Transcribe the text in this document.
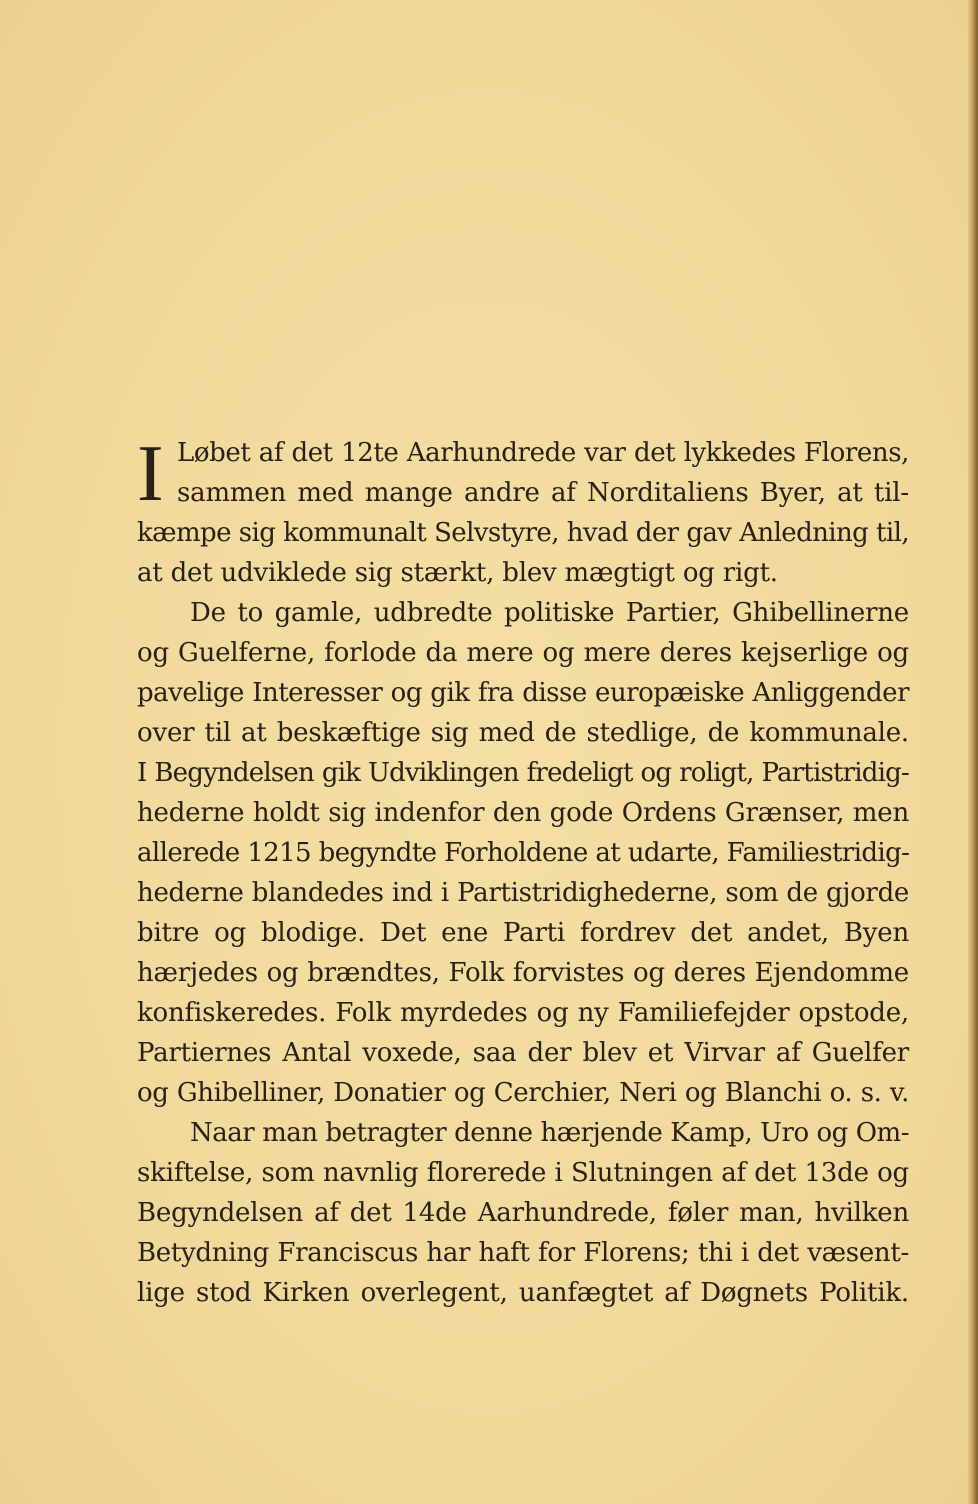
I Løbet af det 12te Aarhundrede var det lykkedes Florens,
sammen med mange andre af Norditaliens Byer, at til-
kæmpe sig kommunalt Selvstyre, hvad der gav Anledning til,
at det udviklede sig stærkt, blev mægtigt og rigt.
De to gamle, udbredte politiske Partier, Ghibellinerne
og Guelferne, forlode da mere og mere deres kejserlige og
pavelige Interesser og gik fra disse europæiske Anliggender
over til at beskæftige sig med de stedlige, de kommunale.
I Begyndelsen gik Udviklingen fredeligt og roligt, Partistridig-
hederne holdt sig indenfor den gode Ordens Grænser, men
allerede 1215 begyndte Forholdene at udarte, Familiestridig-
hederne blandedes ind i Partistridighederne, som de gjorde
bitre og blodige. Det ene Parti fordrev det andet, Byen
hærjedes og brændtes, Folk forvistes og deres Ejendomme
konfiskeredes. Folk myrdedes og ny Familiefejder opstode,
Partiernes Antal voxede, saa der blev et Virvar af Guelfer
og Ghibelliner, Donatier og Cerchier, Neri og Blanchi o. s. v.
Naar man betragter denne hærjende Kamp, Uro og Om-
skiftelse, som navnlig florerede i Slutningen af det 13de og
Begyndelsen af det 14de Aarhundrede, føler man, hvilken
Betydning Franciscus har haft for Florens; thi i det væsent-
lige stod Kirken overlegent, uanfægtet af Døgnets Politik.
